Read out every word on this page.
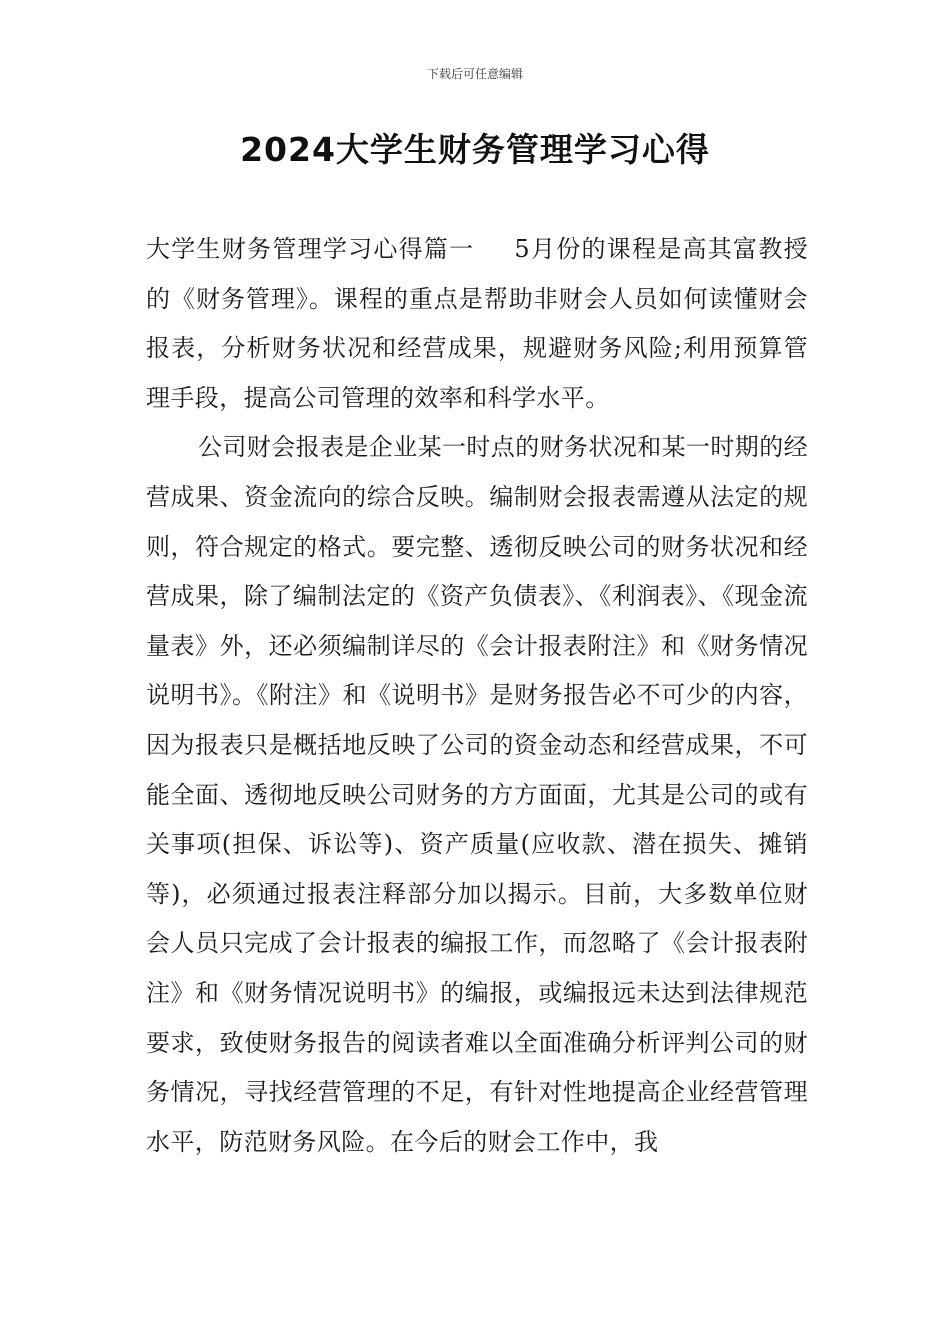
下载后可任意编辑
2024大学生财务管理学习心得

大学生财务管理学习心得篇一 5月份的课程是高其富教授的《财务管理》。课程的重点是帮助非财会人员如何读懂财会报表，分析财务状况和经营成果，规避财务风险;利用预算管理手段，提高公司管理的效率和科学水平。

公司财会报表是企业某一时点的财务状况和某一时期的经营成果、资金流向的综合反映。编制财会报表需遵从法定的规则，符合规定的格式。要完整、透彻反映公司的财务状况和经营成果，除了编制法定的《资产负债表》、《利润表》、《现金流量表》外，还必须编制详尽的《会计报表附注》和《财务情况说明书》。《附注》和《说明书》是财务报告必不可少的内容，因为报表只是概括地反映了公司的资金动态和经营成果，不可能全面、透彻地反映公司财务的方方面面，尤其是公司的或有关事项(担保、诉讼等)、资产质量(应收款、潜在损失、摊销等)，必须通过报表注释部分加以揭示。目前，大多数单位财会人员只完成了会计报表的编报工作，而忽略了《会计报表附注》和《财务情况说明书》的编报，或编报远未达到法律规范要求，致使财务报告的阅读者难以全面准确分析评判公司的财务情况，寻找经营管理的不足，有针对性地提高企业经营管理水平，防范财务风险。在今后的财会工作中，我
